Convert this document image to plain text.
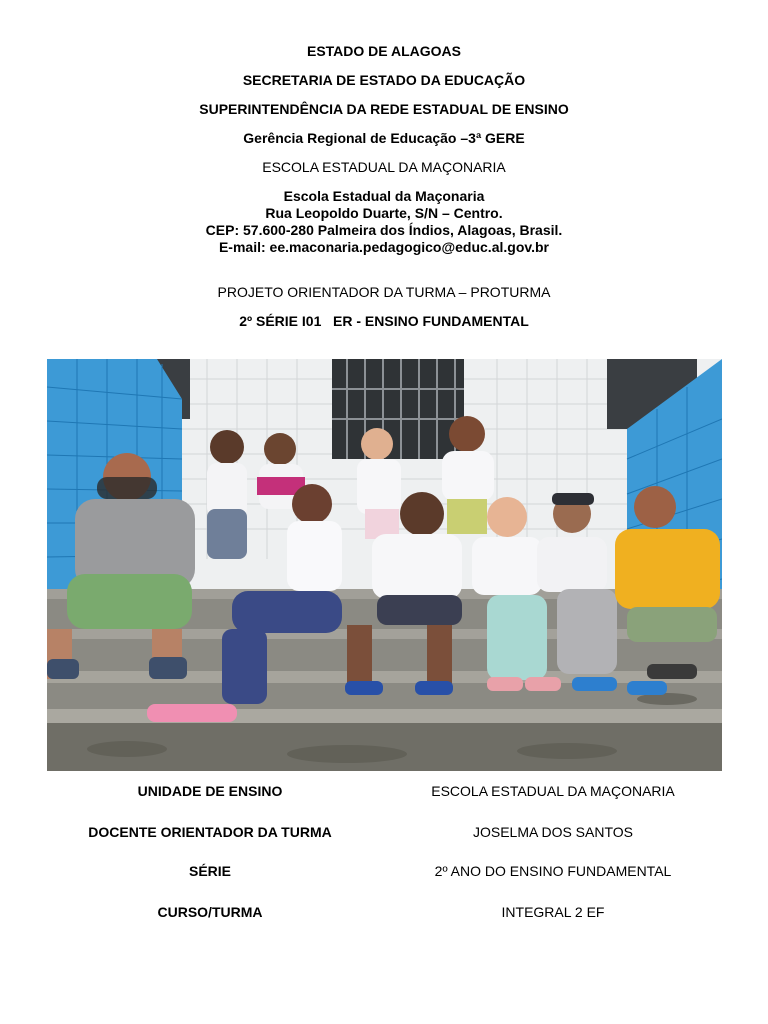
ESTADO DE ALAGOAS
SECRETARIA DE ESTADO DA EDUCAÇÃO
SUPERINTENDÊNCIA DA REDE ESTADUAL DE ENSINO
Gerência Regional de Educação –3ª GERE
ESCOLA ESTADUAL DA MAÇONARIA
Escola Estadual da Maçonaria
Rua Leopoldo Duarte, S/N – Centro.
CEP: 57.600-280 Palmeira dos Índios, Alagoas, Brasil.
E-mail: ee.maconaria.pedagogico@educ.al.gov.br
PROJETO ORIENTADOR DA TURMA – PROTURMA
2º SÉRIE I01   ER - ENSINO FUNDAMENTAL
UNIDADE DE ENSINO	ESCOLA ESTADUAL DA MAÇONARIA
DOCENTE ORIENTADOR DA TURMA	JOSELMA DOS SANTOS
SÉRIE	2º ANO DO ENSINO FUNDAMENTAL
CURSO/TURMA	INTEGRAL 2 EF
